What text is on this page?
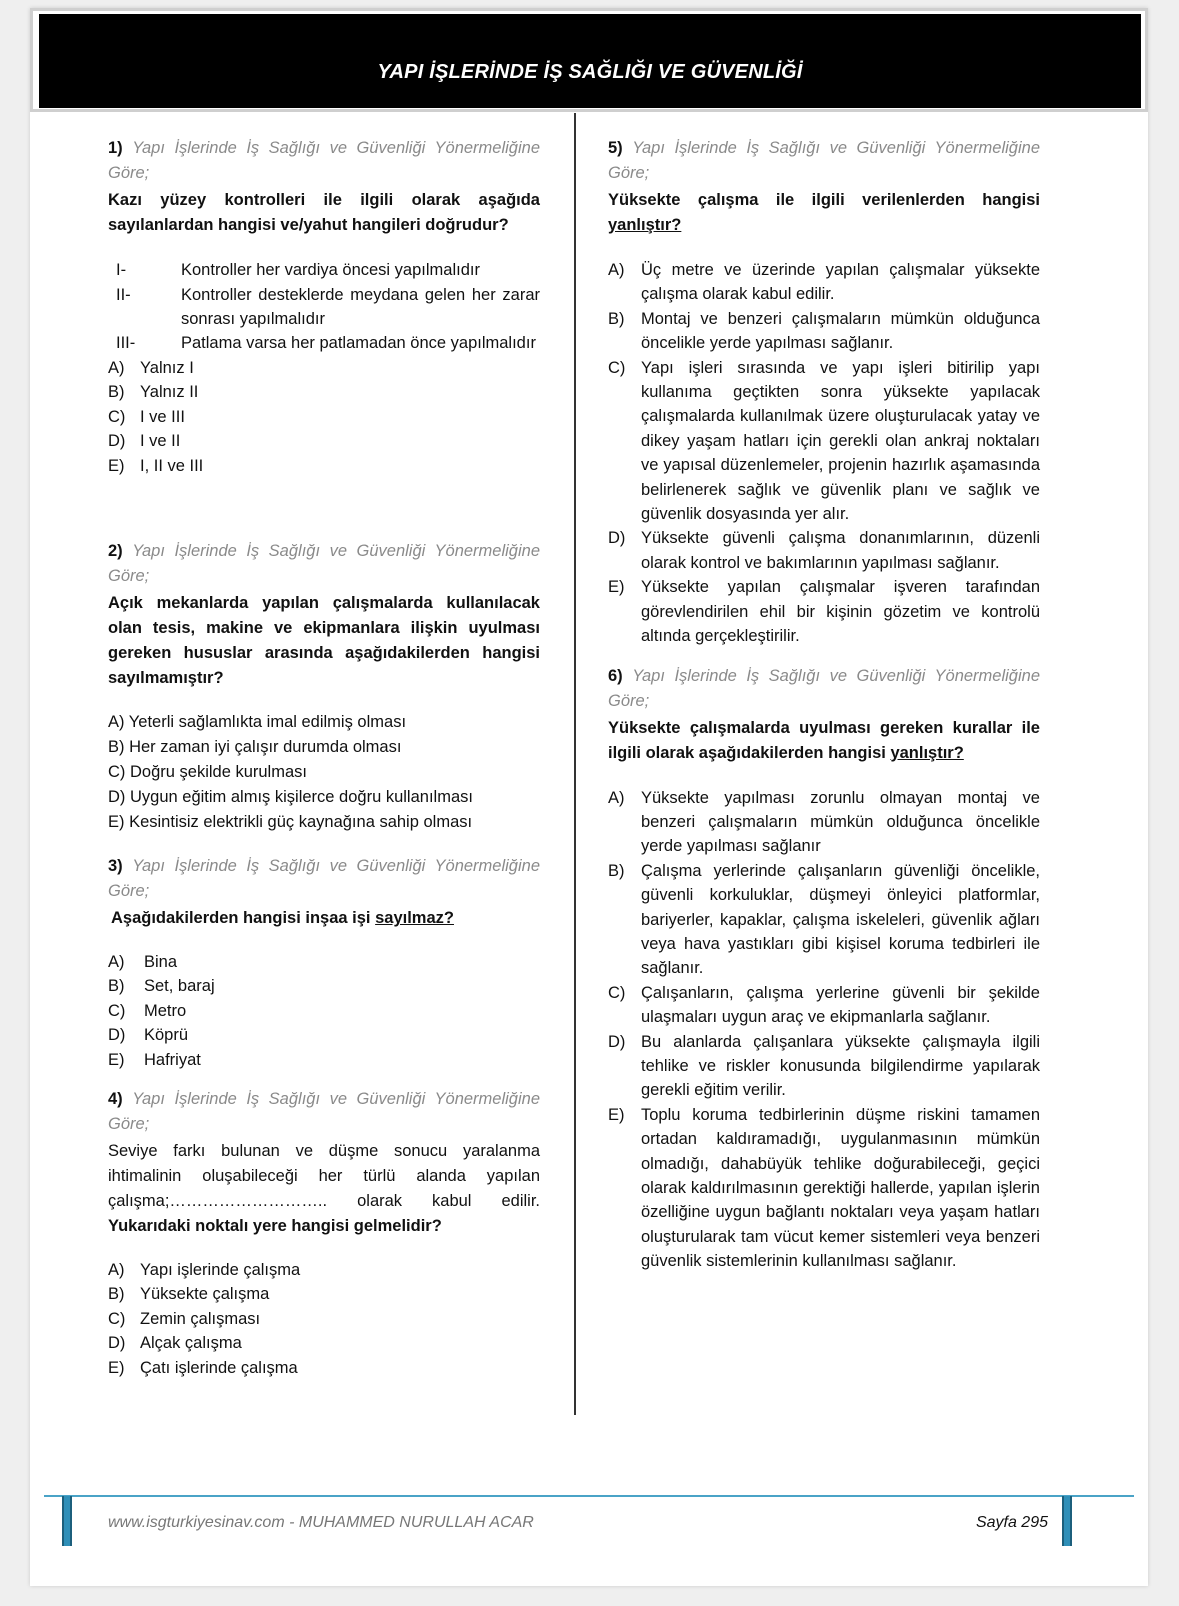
YAPI İŞLERİNDE İŞ SAĞLIĞI VE GÜVENLİĞİ
1) Yapı İşlerinde İş Sağlığı ve Güvenliği Yönermeliğine Göre;
Kazı yüzey kontrolleri ile ilgili olarak aşağıda sayılanlardan hangisi ve/yahut hangileri doğrudur?
I-	Kontroller her vardiya öncesi yapılmalıdır
II-	Kontroller desteklerde meydana gelen her zarar sonrası yapılmalıdır
III-	Patlama varsa her patlamadan önce yapılmalıdır
A) Yalnız I
B) Yalnız II
C) I ve III
D) I ve II
E) I, II ve III
2) Yapı İşlerinde İş Sağlığı ve Güvenliği Yönermeliğine Göre;
Açık mekanlarda yapılan çalışmalarda kullanılacak olan tesis, makine ve ekipmanlara ilişkin uyulması gereken hususlar arasında aşağıdakilerden hangisi sayılmamıştır?
A) Yeterli sağlamlıkta imal edilmiş olması
B) Her zaman iyi çalışır durumda olması
C) Doğru şekilde kurulması
D) Uygun eğitim almış kişilerce doğru kullanılması
E) Kesintisiz elektrikli güç kaynağına sahip olması
3) Yapı İşlerinde İş Sağlığı ve Güvenliği Yönermeliğine Göre;
Aşağıdakilerden hangisi inşaa işi sayılmaz?
A)	Bina
B)	Set, baraj
C)	Metro
D)	Köprü
E)	Hafriyat
4) Yapı İşlerinde İş Sağlığı ve Güvenliği Yönermeliğine Göre;
Seviye farkı bulunan ve düşme sonucu yaralanma ihtimalinin oluşabileceği her türlü alanda yapılan çalışma;……………………….. olarak kabul edilir. Yukarıdaki noktalı yere hangisi gelmelidir?
A) Yapı işlerinde çalışma
B) Yüksekte çalışma
C) Zemin çalışması
D) Alçak çalışma
E) Çatı işlerinde çalışma
5) Yapı İşlerinde İş Sağlığı ve Güvenliği Yönermeliğine Göre;
Yüksekte çalışma ile ilgili verilenlerden hangisi yanlıştır?
A)	Üç metre ve üzerinde yapılan çalışmalar yüksekte çalışma olarak kabul edilir.
B)	Montaj ve benzeri çalışmaların mümkün olduğunca öncelikle yerde yapılması sağlanır.
C) Yapı işleri sırasında ve yapı işleri bitirilip yapı kullanıma geçtikten sonra yüksekte yapılacak çalışmalarda kullanılmak üzere oluşturulacak yatay ve dikey yaşam hatları için gerekli olan ankraj noktaları ve yapısal düzenlemeler, projenin hazırlık aşamasında belirlenerek sağlık ve güvenlik planı ve sağlık ve güvenlik dosyasında yer alır.
D) Yüksekte güvenli çalışma donanımlarının, düzenli olarak kontrol ve bakımlarının yapılması sağlanır.
E)	Yüksekte yapılan çalışmalar işveren tarafından görevlendirilen ehil bir kişinin gözetim ve kontrolü altında gerçekleştirilir.
6) Yapı İşlerinde İş Sağlığı ve Güvenliği Yönermeliğine Göre;
Yüksekte çalışmalarda uyulması gereken kurallar ile ilgili olarak aşağıdakilerden hangisi yanlıştır?
A)	Yüksekte yapılması zorunlu olmayan montaj ve benzeri çalışmaların mümkün olduğunca öncelikle yerde yapılması sağlanır
B)	Çalışma yerlerinde çalışanların güvenliği öncelikle, güvenli korkuluklar, düşmeyi önleyici platformlar, bariyerler, kapaklar, çalışma iskeleleri, güvenlik ağları veya hava yastıkları gibi kişisel koruma tedbirleri ile sağlanır.
C) Çalışanların, çalışma yerlerine güvenli bir şekilde ulaşmaları uygun araç ve ekipmanlarla sağlanır.
D) Bu alanlarda çalışanlara yüksekte çalışmayla ilgili tehlike ve riskler konusunda bilgilendirme yapılarak gerekli eğitim verilir.
E)	Toplu koruma tedbirlerinin düşme riskini tamamen ortadan kaldıramadığı, uygulanmasının mümkün olmadığı, dahabüyük tehlike doğurabileceği, geçici olarak kaldırılmasının gerektiği hallerde, yapılan işlerin özelliğine uygun bağlantı noktaları veya yaşam hatları oluşturularak tam vücut kemer sistemleri veya benzeri güvenlik sistemlerinin kullanılması sağlanır.
www.isgturkiyesinav.com - MUHAMMED NURULLAH ACAR	Sayfa 295
